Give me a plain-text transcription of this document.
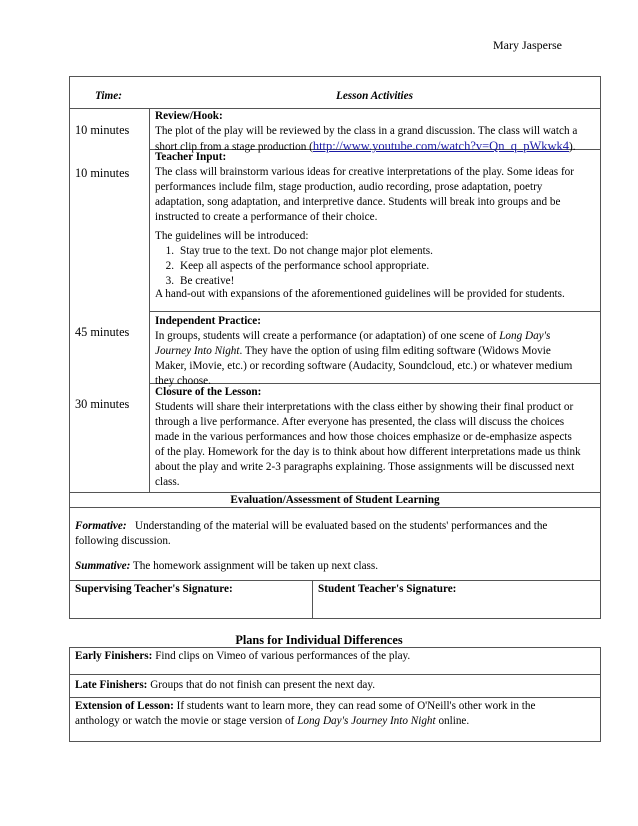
Mary Jasperse
Time:	Lesson Activities
10 minutes
Review/Hook:
The plot of the play will be reviewed by the class in a grand discussion. The class will watch a
short clip from a stage production (http://www.youtube.com/watch?v=Qn_q_pWkwk4).
10 minutes
Teacher Input:
The class will brainstorm various ideas for creative interpretations of the play. Some ideas for
performances include film, stage production, audio recording, prose adaptation, poetry
adaptation, song adaptation, and interpretive dance. Students will break into groups and be
instructed to create a performance of their choice.
The guidelines will be introduced:
1. Stay true to the text. Do not change major plot elements.
2. Keep all aspects of the performance school appropriate.
3. Be creative!
A hand-out with expansions of the aforementioned guidelines will be provided for students.
45 minutes
Independent Practice:
In groups, students will create a performance (or adaptation) of one scene of Long Day's
Journey Into Night. They have the option of using film editing software (Widows Movie
Maker, iMovie, etc.) or recording software (Audacity, Soundcloud, etc.) or whatever medium
they choose.
30 minutes
Closure of the Lesson:
Students will share their interpretations with the class either by showing their final product or
through a live performance. After everyone has presented, the class will discuss the choices
made in the various performances and how those choices emphasize or de-emphasize aspects
of the play. Homework for the day is to think about how different interpretations made us think
about the play and write 2-3 paragraphs explaining. Those assignments will be discussed next
class.
Evaluation/Assessment of Student Learning
Formative: Understanding of the material will be evaluated based on the students' performances and the
following discussion.
Summative: The homework assignment will be taken up next class.
Supervising Teacher's Signature:	Student Teacher's Signature:
Plans for Individual Differences
Early Finishers: Find clips on Vimeo of various performances of the play.
Late Finishers: Groups that do not finish can present the next day.
Extension of Lesson: If students want to learn more, they can read some of O'Neill's other work in the
anthology or watch the movie or stage version of Long Day's Journey Into Night online.
